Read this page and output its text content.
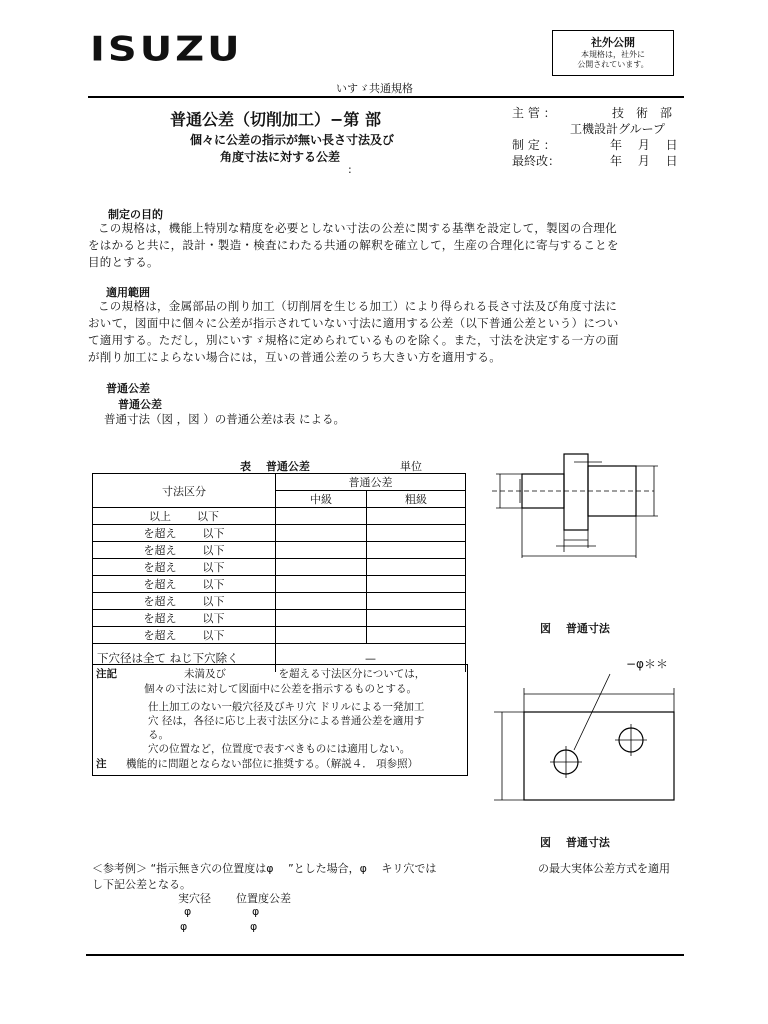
ISUZU	社外公開
本規格は，社外に
公開されています。
いすゞ共通規格
普通公差（切削加工）−第 部
個々に公差の指示が無い長さ寸法及び
角度寸法に対する公差
:
主 管 ：	技　術　部
工機設計グループ
制 定 ：	年　 月　 日
最終改：	年　 月　 日
制定の目的
この規格は，機能上特別な精度を必要としない寸法の公差に関する基準を設定して，製図の合理化
をはかると共に，設計・製造・検査にわたる共通の解釈を確立して，生産の合理化に寄与することを
目的とする。
適用範囲
この規格は，金属部品の削り加工（切削屑を生じる加工）により得られる長さ寸法及び角度寸法に
おいて，図面中に個々に公差が指示されていない寸法に適用する公差（以下普通公差という）につい
て適用する。ただし，別にいすゞ規格に定められているものを除く。また，寸法を決定する一方の面
が削り加工によらない場合には，互いの普通公差のうち大きい方を適用する。
普通公差
普通公差
普通寸法（図 ，図 ）の普通公差は表 による。
表　 普通公差	単位
寸法区分	普通公差	
	中級	粗級
以上 以下		
を超え 以下		
を超え 以下		
を超え 以下		
を超え 以下		
を超え 以下		
を超え 以下		
を超え 以下		
下穴径は全て ねじ下穴除く	—	
注記	未満及び　　　　　を超える寸法区分については，
個々の寸法に対して図面中に公差を指示するものとする。
仕上加工のない一般穴径及びキリ穴 ドリルによる一発加工
穴 径は，各径に応じ上表寸法区分による普通公差を適用す
る。
穴の位置など，位置度で表すべきものには適用しない。
注 機能的に問題とならない部位に推奨する。（解説４． 項参照）
図　 普通寸法
−φ＊＊
図　 普通寸法
＜参考例＞ “指示無き穴の位置度はφ 　”とした場合，φ 　キリ穴では	の最大実体公差方式を適用
し下記公差となる。
実穴径 位置度公差
φ	φ
φ	φ
